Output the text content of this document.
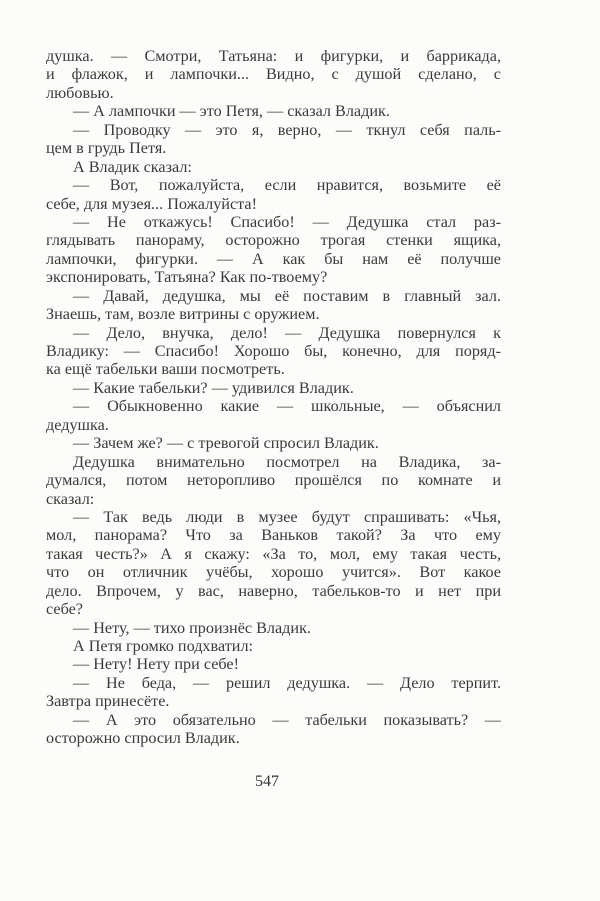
душка. — Смотри, Татьяна: и фигурки, и баррикада,
и флажок, и лампочки... Видно, с душой сделано, с
любовью.
— А лампочки — это Петя, — сказал Владик.
— Проводку — это я, верно, — ткнул себя паль-
цем в грудь Петя.
А Владик сказал:
— Вот, пожалуйста, если нравится, возьмите её
себе, для музея... Пожалуйста!
— Не откажусь! Спасибо! — Дедушка стал раз-
глядывать панораму, осторожно трогая стенки ящика,
лампочки, фигурки. — А как бы нам её получше
экспонировать, Татьяна? Как по-твоему?
— Давай, дедушка, мы её поставим в главный зал.
Знаешь, там, возле витрины с оружием.
— Дело, внучка, дело! — Дедушка повернулся к
Владику: — Спасибо! Хорошо бы, конечно, для поряд-
ка ещё табельки ваши посмотреть.
— Какие табельки? — удивился Владик.
— Обыкновенно какие — школьные, — объяснил
дедушка.
— Зачем же? — с тревогой спросил Владик.
Дедушка внимательно посмотрел на Владика, за-
думался, потом неторопливо прошёлся по комнате и
сказал:
— Так ведь люди в музее будут спрашивать: «Чья,
мол, панорама? Что за Ваньков такой? За что ему
такая честь?» А я скажу: «За то, мол, ему такая честь,
что он отличник учёбы, хорошо учится». Вот какое
дело. Впрочем, у вас, наверно, табельков-то и нет при
себе?
— Нету, — тихо произнёс Владик.
А Петя громко подхватил:
— Нету! Нету при себе!
— Не беда, — решил дедушка. — Дело терпит.
Завтра принесёте.
— А это обязательно — табельки показывать? —
осторожно спросил Владик.
547
